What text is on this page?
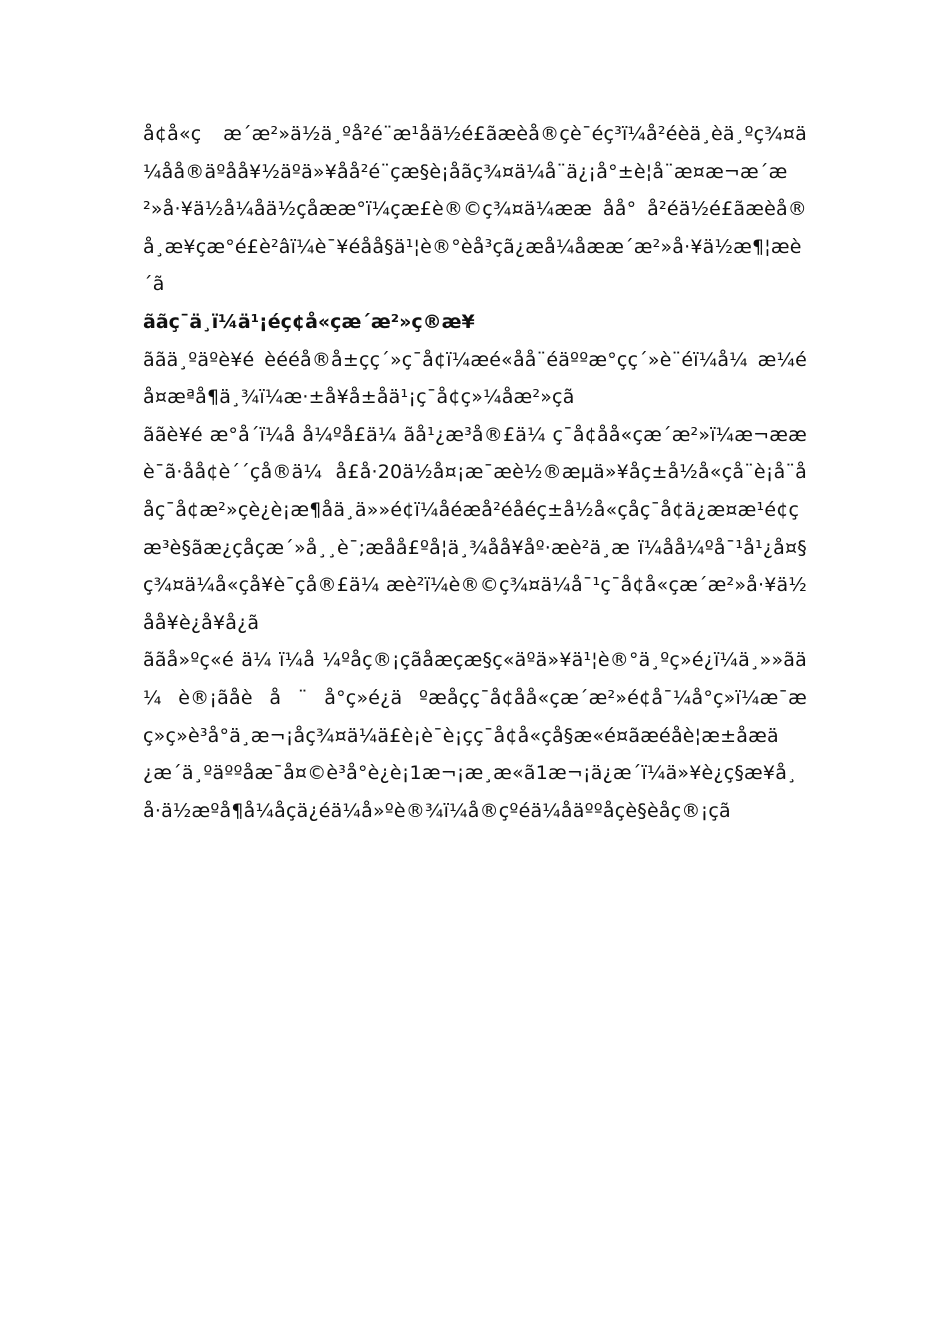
å¢å«ç æ´æ²»ä½ä¸ºå²é¨æ¹åä½é£ãæèå®çè¯éç³ï¼å²éèä¸èä¸ºç¾¤ä¼åå®äºåå¥½äºä»¥åå²é¨çæ§è¡åãç¾¤ä¼å¨ä¿¡å°±è¦å¨æ¤æ¬æ´æ²»å·¥ä½å¼åä½çåææ°ï¼çæ£è®©ç¾¤ä¼ææ åå° å²éä½é£ãæèå®å¸æ¥çæ°é£è²âï¼è¯¥éåå§ä¹¦è®°èå³çã¿æå¼åææ´æ²»å·¥ä½æ¶¦æè´ã

ããç¯ä¸ï¼ä¹¡éç¢å«çæ´æ²»ç®æ¥

ããä¸ºäºè¥é èééå®å±çç´»ç¯å¢ï¼æé«åå¨éäººæ°çç´»è¨éï¼å¼ æ¼éå¤æªå¶ä¸¾ï¼æ·±å¥å±åä¹¡ç¯å¢ç»¼åæ²»çã

ããè¥é æ°å´ï¼å å¼ºå£ä¼ ãå¹¿æ³å®£ä¼ ç¯å¢åå«çæ´æ²»ï¼æ¬ææ è¯ã·åå¢è´´çå®ä¼ å£å·20ä½å¤¡æ¯æè½®æµä»¥åç±å½å«çå¨è¡å¨ååç¯å¢æ²»çè¿è¡æ¶åä¸ä»»é¢ï¼åéæå²éåéç±å½å«çåç¯å¢ä¿æ¤æ¹é¢çæ³è§ãæ¿çåçæ´»å¸¸è¯;æåå£ºå¦ä¸¾åå¥åº·æè²ä¸æ ï¼åå¼ºå¯¹å¹¿å¤§ç¾¤ä¼å«çå¥è¯çå®£ä¼ æè²ï¼è®©ç¾¤ä¼å¯¹ç¯å¢å«çæ´æ²»å·¥ä½åå¥è¿å¥å¿ã

ããå»ºç«é ä¼ ï¼å ¼ºåç®¡çãåæçæ§ç«äºä»¥ä¹¦è®°ä¸ºç»é¿ï¼ä¸»»ãä¼ è®¡ãåè å ¨ å°ç»é¿ä ºæåçç¯å¢åå«çæ´æ²»é¢å¯¼å°ç»ï¼æ¯æç»ç»è³å°ä¸æ¬¡åç¾¤ä¼ä£è¡è¯è¡çç¯å¢å«çå§æ«é¤ãæéåè¦æ±åæä¿æ´ä¸ºäººåæ¯å¤©è³å°è¿è¡1æ¬¡æ¸æ«ã1æ¬¡ä¿æ´ï¼ä»¥è¿ç§æ¥å¸å·ä½æºå¶å¼åçä¿éä¼å»ºè®¾ï¼å®çºéä¼åäººåçè§èåç®¡çã
